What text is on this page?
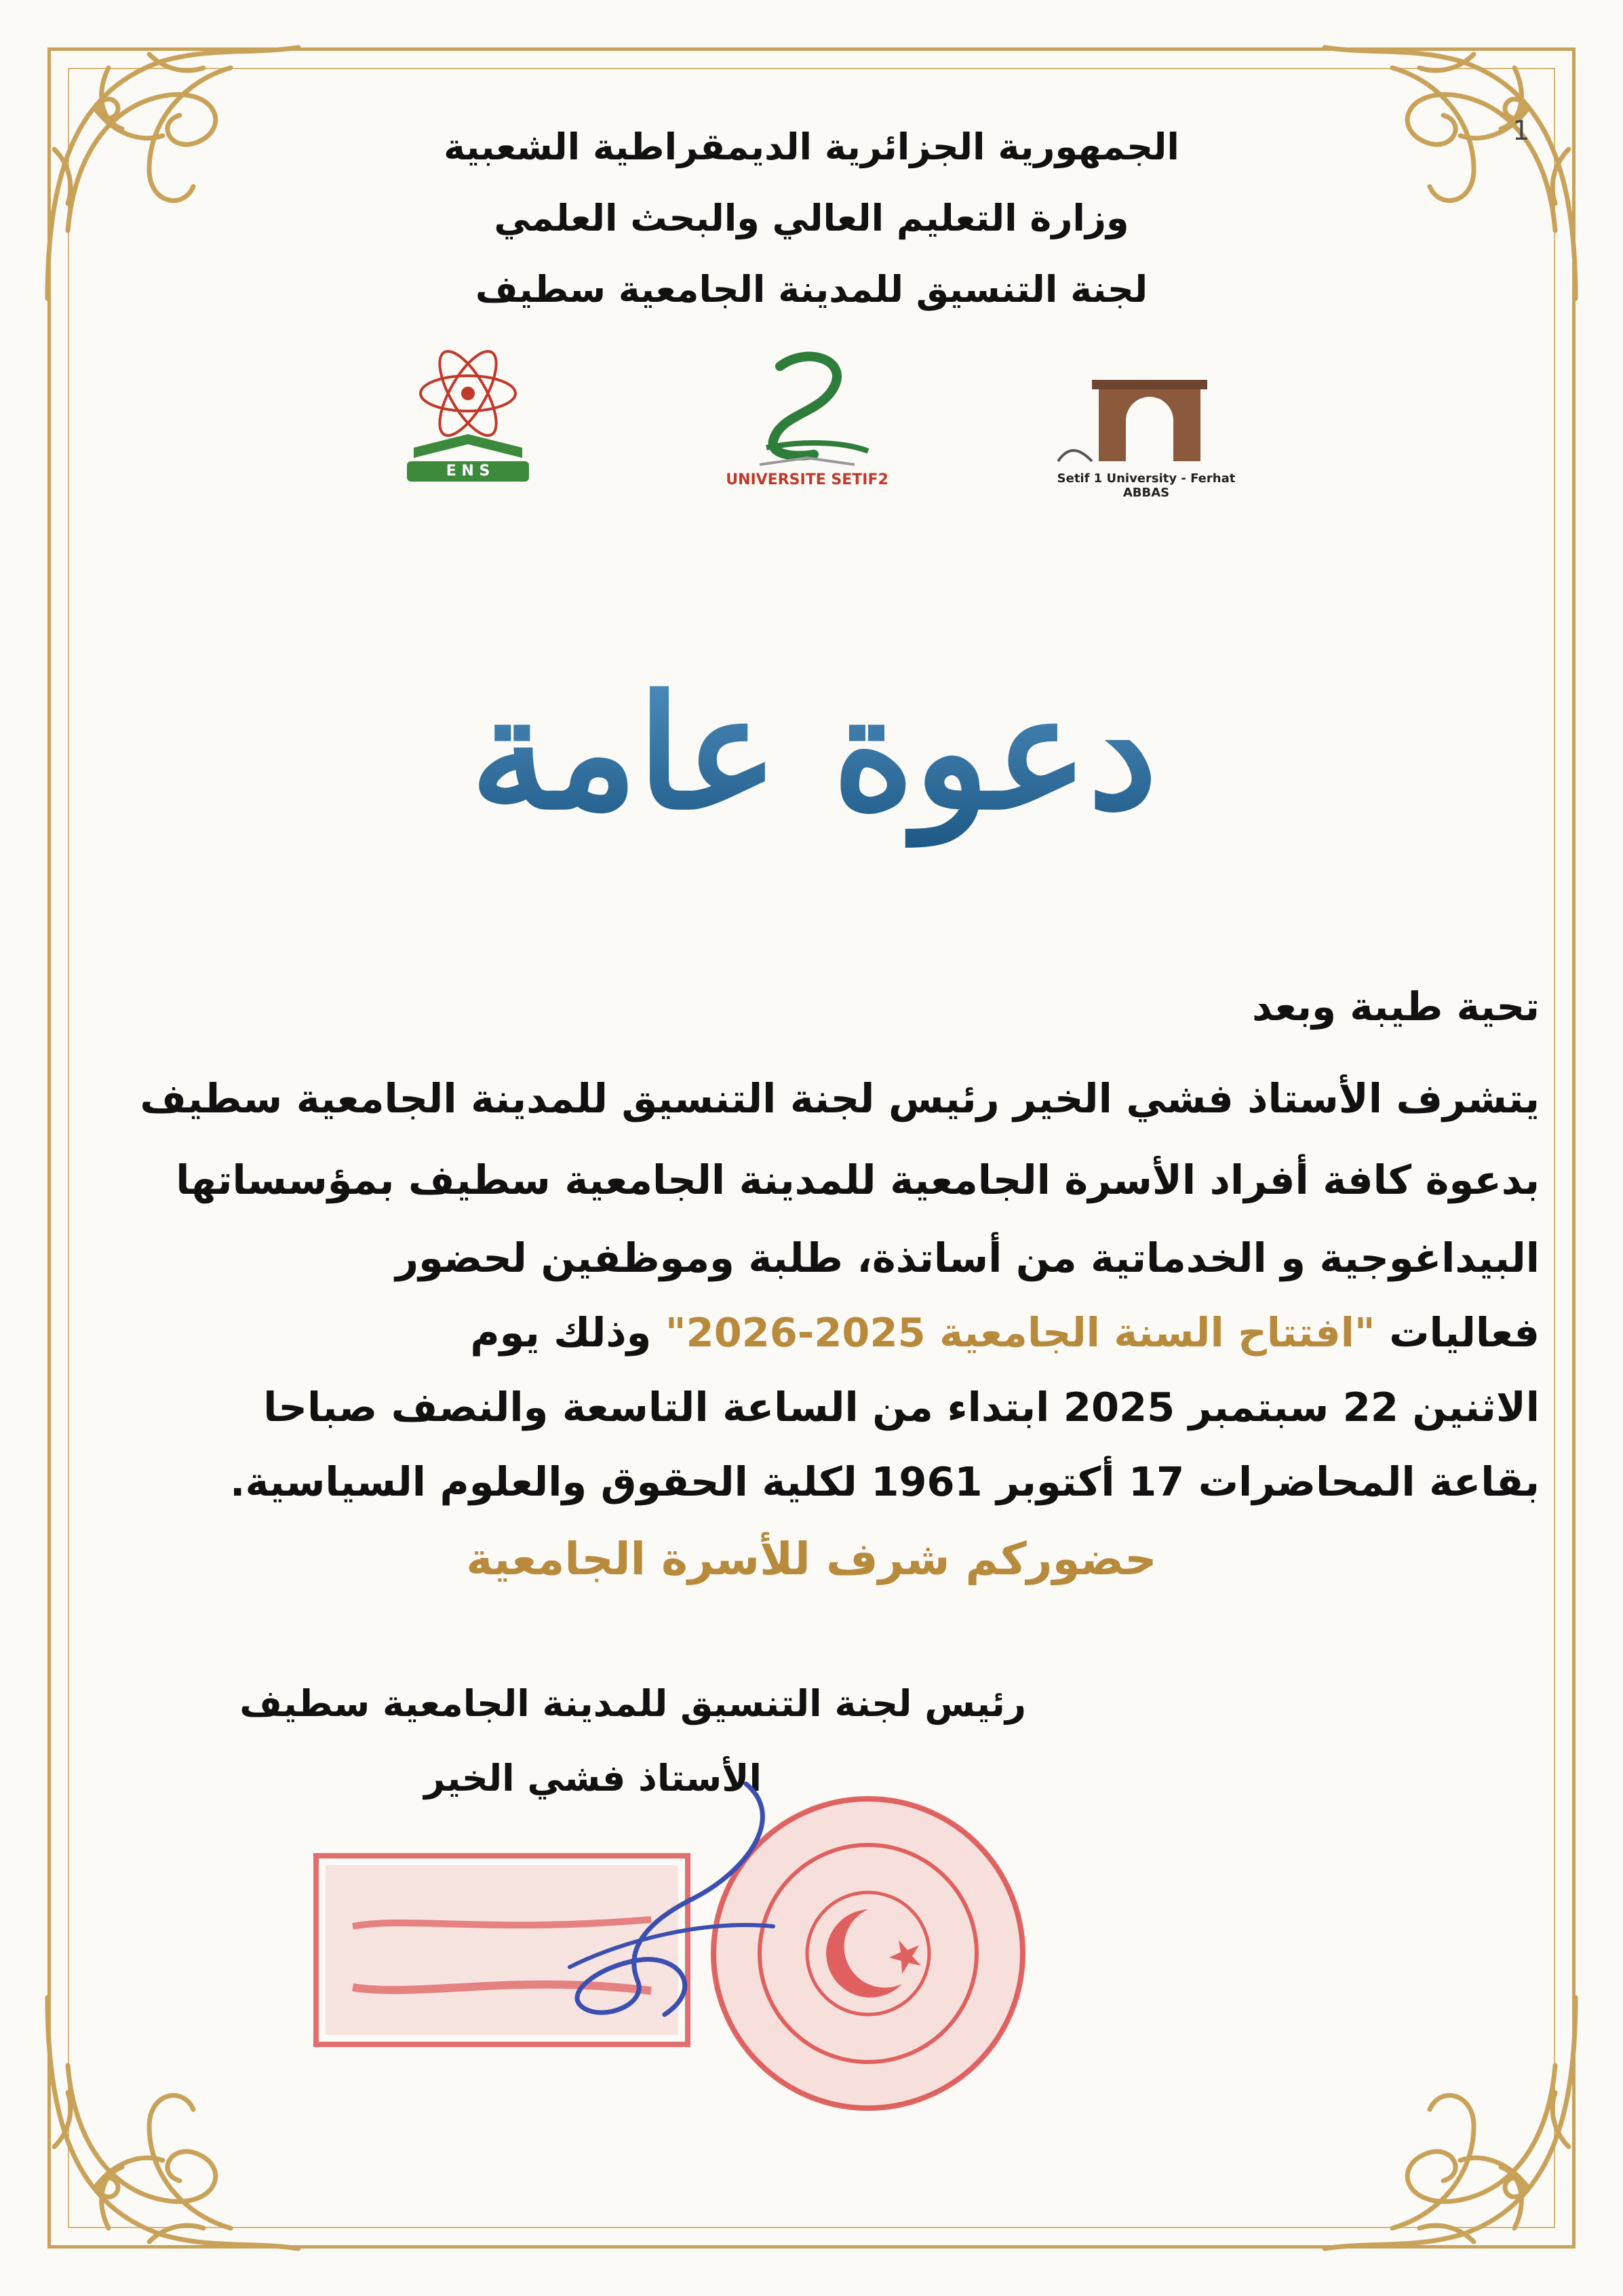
1
الجمهورية الجزائرية الديمقراطية الشعبية
وزارة التعليم العالي والبحث العلمي
لجنة التنسيق للمدينة الجامعية سطيف
E N S
UNIVERSITE SETIF2	Setif 1 University - Ferhat ABBAS
دعوة عامة
تحية طيبة وبعد
يتشرف الأستاذ فشي الخير رئيس لجنة التنسيق للمدينة الجامعية سطيف
بدعوة كافة أفراد الأسرة الجامعية للمدينة الجامعية سطيف بمؤسساتها
البيداغوجية و الخدماتية من أساتذة، طلبة وموظفين لحضور
فعاليات "افتتاح السنة الجامعية 2025-2026" وذلك يوم
الاثنين 22 سبتمبر 2025 ابتداء من الساعة التاسعة والنصف صباحا
بقاعة المحاضرات 17 أكتوبر 1961 لكلية الحقوق والعلوم السياسية.
حضوركم شرف للأسرة الجامعية
رئيس لجنة التنسيق للمدينة الجامعية سطيف
الأستاذ فشي الخير
